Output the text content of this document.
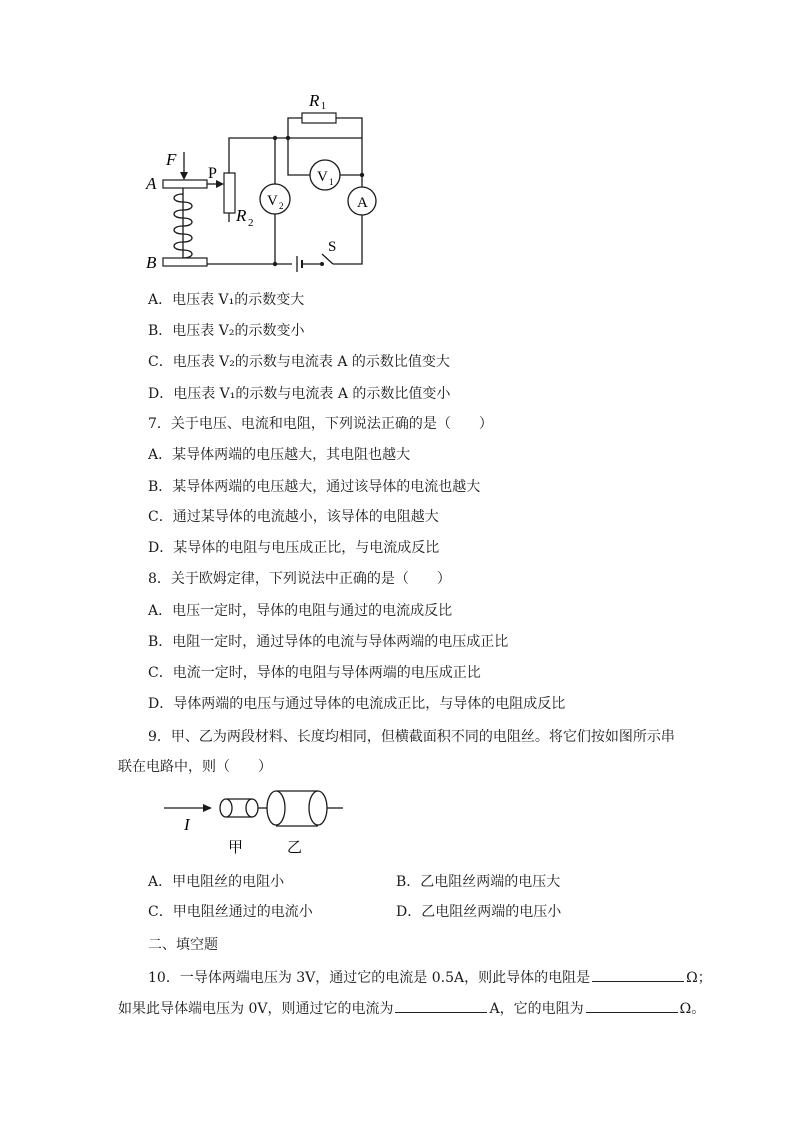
F
P
A
B
R 1
R 2
V 2
V 1
A
S
A．电压表 V₁的示数变大
B．电压表 V₂的示数变小
C．电压表 V₂的示数与电流表 A 的示数比值变大
D．电压表 V₁的示数与电流表 A 的示数比值变小
7．关于电压、电流和电阻，下列说法正确的是（　　）
A．某导体两端的电压越大，其电阻也越大
B．某导体两端的电压越大，通过该导体的电流也越大
C．通过某导体的电流越小，该导体的电阻越大
D．某导体的电阻与电压成正比，与电流成反比
8．关于欧姆定律，下列说法中正确的是（　　）
A．电压一定时，导体的电阻与通过的电流成反比
B．电阻一定时，通过导体的电流与导体两端的电压成正比
C．电流一定时，导体的电阻与导体两端的电压成正比
D．导体两端的电压与通过导体的电流成正比，与导体的电阻成反比
9．甲、乙为两段材料、长度均相同，但横截面积不同的电阻丝。将它们按如图所示串
联在电路中，则（　　）
I
甲	乙
A．甲电阻丝的电阻小	B．乙电阻丝两端的电压大
C．甲电阻丝通过的电流小	D．乙电阻丝两端的电压小
二、填空题
10．一导体两端电压为 3V，通过它的电流是 0.5A，则此导体的电阻是	Ω；
如果此导体端电压为 0V，则通过它的电流为	A，它的电阻为	Ω。
